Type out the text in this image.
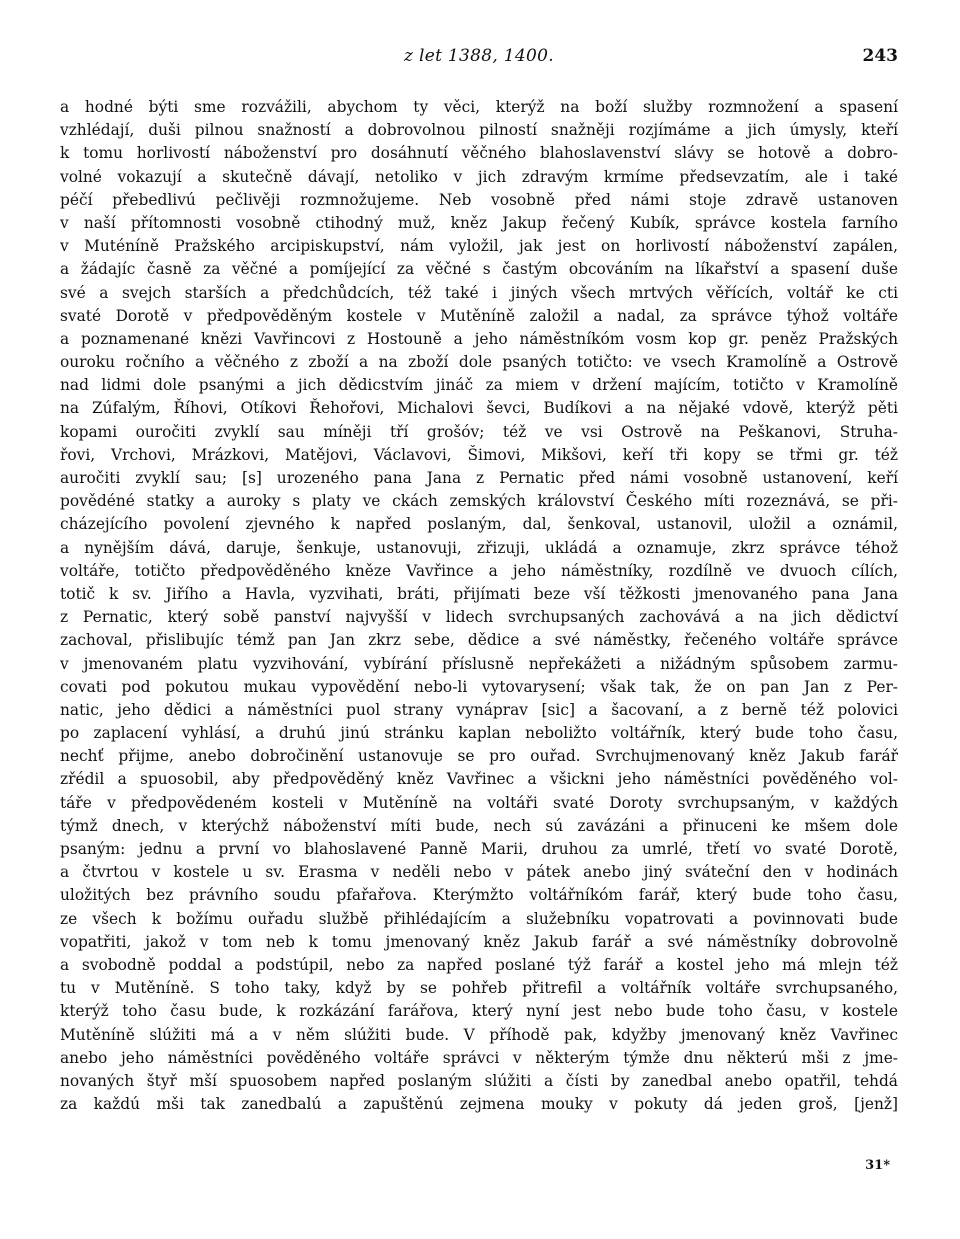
z let 1388, 1400.	243
a hodné býti sme rozvážili, abychom ty věci, kterýž na boží služby rozmnožení a spasení
vzhlédají, duši pilnou snažností a dobrovolnou pilností snažněji rozjímáme a jich úmysly, kteří
k tomu horlivostí náboženství pro dosáhnutí věčného blahoslavenství slávy se hotově a dobro-
volné vokazují a skutečně dávají, netoliko v jich zdravým krmíme předsevzatím, ale i také
péčí přebedlivú pečlivěji rozmnožujeme. Neb vosobně před námi stoje zdravě ustanoven
v naší přítomnosti vosobně ctihodný muž, kněz Jakup řečený Kubík, správce kostela farního
v Muténíně Pražského arcipiskupství, nám vyložil, jak jest on horlivostí náboženství zapálen,
a žádajíc časně za věčné a pomíjející za věčné s častým obcováním na líkařství a spasení duše
své a svejch starších a předchůdcích, též také i jiných všech mrtvých věřících, voltář ke cti
svaté Dorotě v předpověděným kostele v Mutěníně založil a nadal, za správce týhož voltáře
a poznamenané knězi Vavřincovi z Hostouně a jeho náměstníkóm vosm kop gr. peněz Pražských
ouroku ročního a věčného z zboží a na zboží dole psaných totičto: ve vsech Kramolíně a Ostrově
nad lidmi dole psanými a jich dědicstvím jináč za miem v držení majícím, totičto v Kramolíně
na Zúfalým, Říhovi, Otíkovi Řehořovi, Michalovi ševci, Budíkovi a na nějaké vdově, kterýž pěti
kopami ouročiti zvyklí sau míněji tří grošóv; též ve vsi Ostrově na Peškanovi, Struha-
řovi, Vrchovi, Mrázkovi, Matějovi, Václavovi, Šimovi, Mikšovi, keří tři kopy se třmi gr. též
auročiti zvyklí sau; [s] urozeného pana Jana z Pernatic před námi vosobně ustanovení, keří
povědéné statky a auroky s platy ve ckách zemských království Českého míti rozeznává, se při-
cházejícího povolení zjevného k napřed poslaným, dal, šenkoval, ustanovil, uložil a oznámil,
a nynějším dává, daruje, šenkuje, ustanovuji, zřizuji, ukládá a oznamuje, zkrz správce téhož
voltáře, totičto předpověděného kněze Vavřince a jeho náměstníky, rozdílně ve dvuoch cílích,
totič k sv. Jiřího a Havla, vyzvihati, bráti, přijímati beze vší těžkosti jmenovaného pana Jana
z Pernatic, který sobě panství najvyšší v lidech svrchupsaných zachovává a na jich dědictví
zachoval, přislibujíc témž pan Jan zkrz sebe, dědice a své náměstky, řečeného voltáře správce
v jmenovaném platu vyzvihování, vybírání příslusně nepřekážeti a nižádným spůsobem zarmu-
covati pod pokutou mukau vypovědění nebo-li vytovarysení; však tak, že on pan Jan z Per-
natic, jeho dědici a náměstníci puol strany vynáprav [sic] a šacovaní, a z berně též polovici
po zaplacení vyhlásí, a druhú jinú stránku kaplan neboližto voltářník, který bude toho času,
nechť přijme, anebo dobročinění ustanovuje se pro ouřad. Svrchujmenovaný kněz Jakub farář
zřédil a spuosobil, aby předpověděný kněz Vavřinec a všickni jeho náměstníci pověděného vol-
táře v předpovědeném kosteli v Mutěníně na voltáři svaté Doroty svrchupsaným, v každých
týmž dnech, v kterýchž náboženství míti bude, nech sú zavázáni a přinuceni ke mšem dole
psaným: jednu a první vo blahoslavené Panně Marii, druhou za umrlé, třetí vo svaté Dorotě,
a čtvrtou v kostele u sv. Erasma v neděli nebo v pátek anebo jiný sváteční den v hodinách
uložitých bez právního soudu pfařařova. Kterýmžto voltářníkóm farář, který bude toho času,
ze všech k božímu ouřadu službě přihlédajícím a služebníku vopatrovati a povinnovati bude
vopatřiti, jakož v tom neb k tomu jmenovaný kněz Jakub farář a své náměstníky dobrovolně
a svobodně poddal a podstúpil, nebo za napřed poslané týž farář a kostel jeho má mlejn též
tu v Mutěníně. S toho taky, když by se pohřeb přitrefil a voltářník voltáře svrchupsaného,
kterýž toho času bude, k rozkázání farářova, který nyní jest nebo bude toho času, v kostele
Mutěníně slúžiti má a v něm slúžiti bude. V příhodě pak, kdyžby jmenovaný kněz Vavřinec
anebo jeho náměstníci pověděného voltáře správci v některým týmže dnu některú mši z jme-
novaných štyř mší spuosobem napřed poslaným slúžiti a čísti by zanedbal anebo opatřil, tehdá
za každú mši tak zanedbalú a zapuštěnú zejmena mouky v pokuty dá jeden groš, [jenž]
31*
